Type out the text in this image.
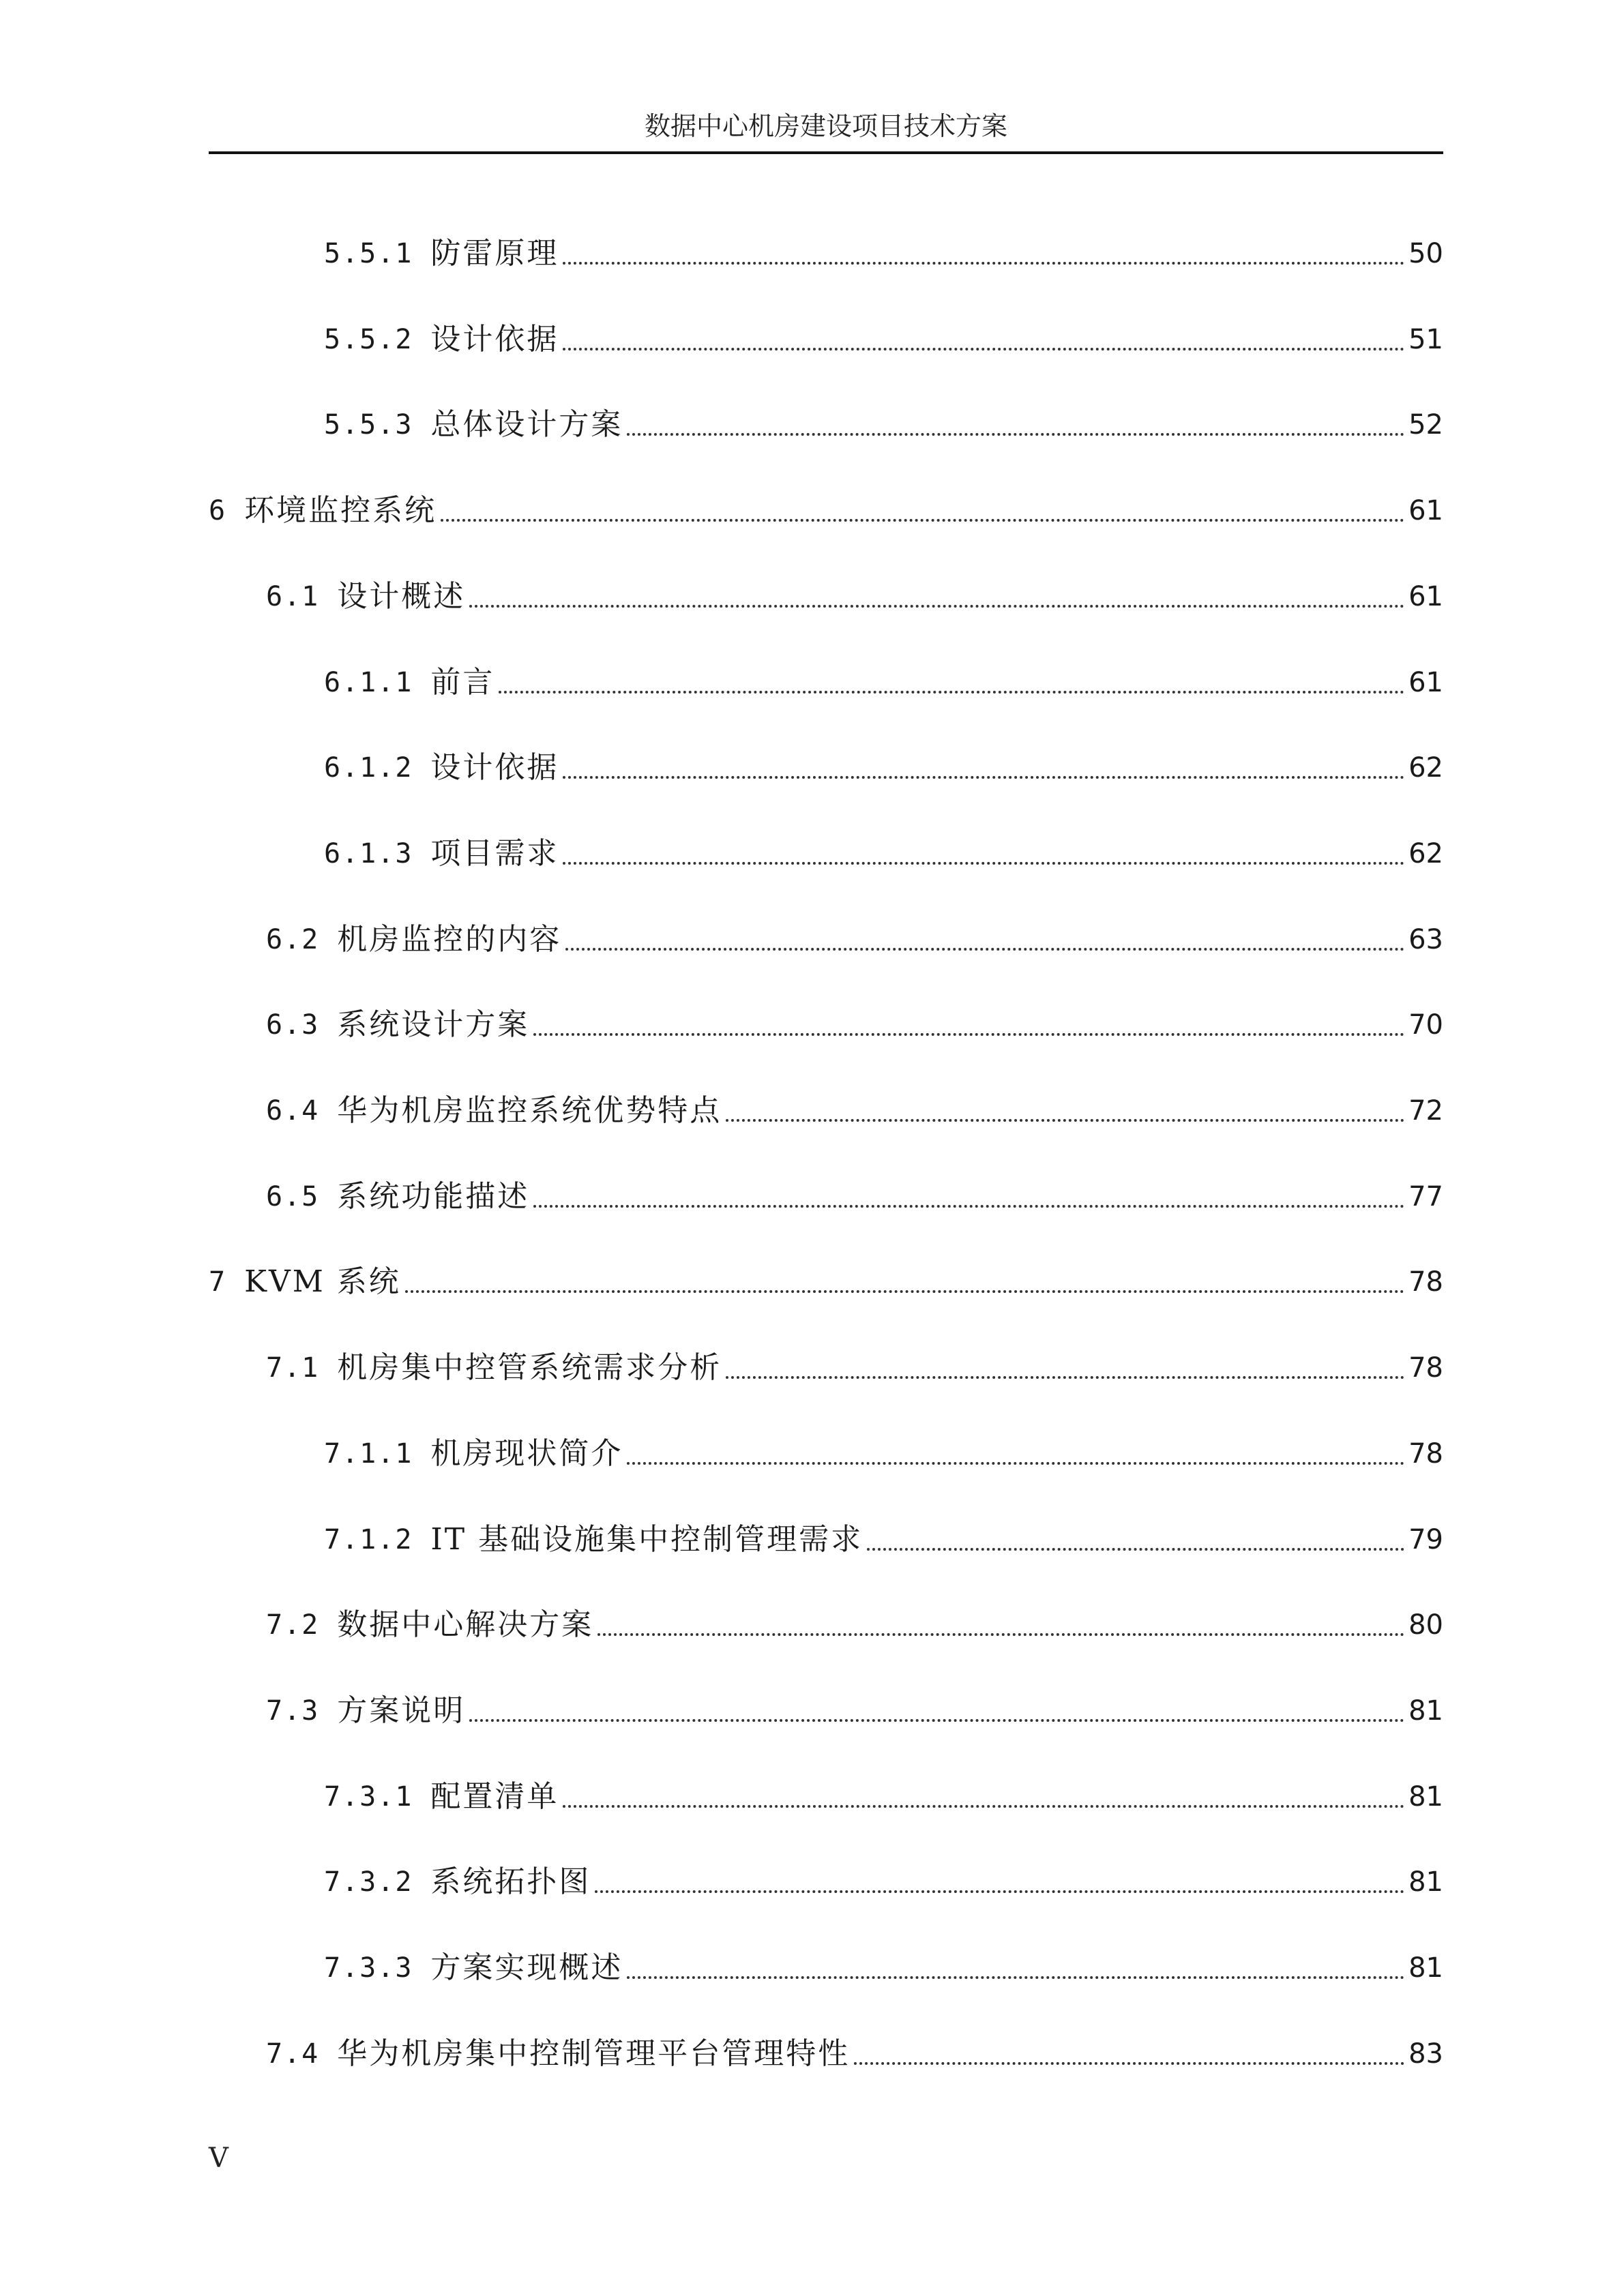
数据中心机房建设项目技术方案
5.5.1 防雷原理	50
5.5.2 设计依据	51
5.5.3 总体设计方案	52
6 环境监控系统	61
6.1 设计概述	61
6.1.1 前言	61
6.1.2 设计依据	62
6.1.3 项目需求	62
6.2 机房监控的内容	63
6.3 系统设计方案	70
6.4 华为机房监控系统优势特点	72
6.5 系统功能描述	77
7 KVM 系统	78
7.1 机房集中控管系统需求分析	78
7.1.1 机房现状简介	78
7.1.2 IT 基础设施集中控制管理需求	79
7.2 数据中心解决方案	80
7.3 方案说明	81
7.3.1 配置清单	81
7.3.2 系统拓扑图	81
7.3.3 方案实现概述	81
7.4 华为机房集中控制管理平台管理特性	83
V
